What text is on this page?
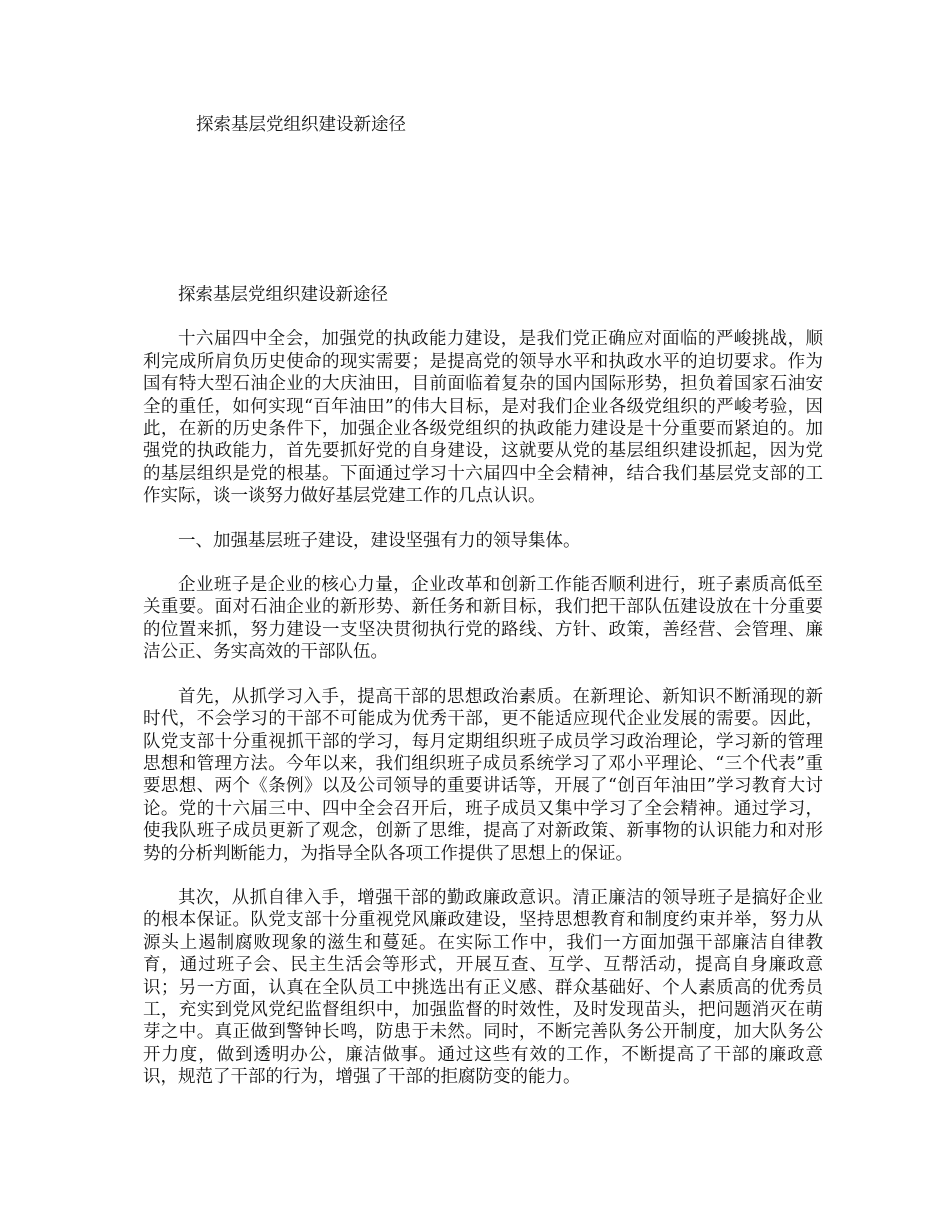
探索基层党组织建设新途径

探索基层党组织建设新途径

十六届四中全会，加强党的执政能力建设，是我们党正确应对面临的严峻挑战，顺利完成所肩负历史使命的现实需要；是提高党的领导水平和执政水平的迫切要求。作为国有特大型石油企业的大庆油田，目前面临着复杂的国内国际形势，担负着国家石油安全的重任，如何实现“百年油田”的伟大目标，是对我们企业各级党组织的严峻考验，因此，在新的历史条件下，加强企业各级党组织的执政能力建设是十分重要而紧迫的。加强党的执政能力，首先要抓好党的自身建设，这就要从党的基层组织建设抓起，因为党的基层组织是党的根基。下面通过学习十六届四中全会精神，结合我们基层党支部的工作实际，谈一谈努力做好基层党建工作的几点认识。

一、加强基层班子建设，建设坚强有力的领导集体。

企业班子是企业的核心力量，企业改革和创新工作能否顺利进行，班子素质高低至关重要。面对石油企业的新形势、新任务和新目标，我们把干部队伍建设放在十分重要的位置来抓，努力建设一支坚决贯彻执行党的路线、方针、政策，善经营、会管理、廉洁公正、务实高效的干部队伍。

首先，从抓学习入手，提高干部的思想政治素质。在新理论、新知识不断涌现的新时代，不会学习的干部不可能成为优秀干部，更不能适应现代企业发展的需要。因此，队党支部十分重视抓干部的学习，每月定期组织班子成员学习政治理论，学习新的管理思想和管理方法。今年以来，我们组织班子成员系统学习了邓小平理论、“三个代表”重要思想、两个《条例》以及公司领导的重要讲话等，开展了“创百年油田”学习教育大讨论。党的十六届三中、四中全会召开后，班子成员又集中学习了全会精神。通过学习，使我队班子成员更新了观念，创新了思维，提高了对新政策、新事物的认识能力和对形势的分析判断能力，为指导全队各项工作提供了思想上的保证。

其次，从抓自律入手，增强干部的勤政廉政意识。清正廉洁的领导班子是搞好企业的根本保证。队党支部十分重视党风廉政建设，坚持思想教育和制度约束并举，努力从源头上遏制腐败现象的滋生和蔓延。在实际工作中，我们一方面加强干部廉洁自律教育，通过班子会、民主生活会等形式，开展互查、互学、互帮活动，提高自身廉政意识；另一方面，认真在全队员工中挑选出有正义感、群众基础好、个人素质高的优秀员工，充实到党风党纪监督组织中，加强监督的时效性，及时发现苗头，把问题消灭在萌芽之中。真正做到警钟长鸣，防患于未然。同时，不断完善队务公开制度，加大队务公开力度，做到透明办公，廉洁做事。通过这些有效的工作，不断提高了干部的廉政意识，规范了干部的行为，增强了干部的拒腐防变的能力。
